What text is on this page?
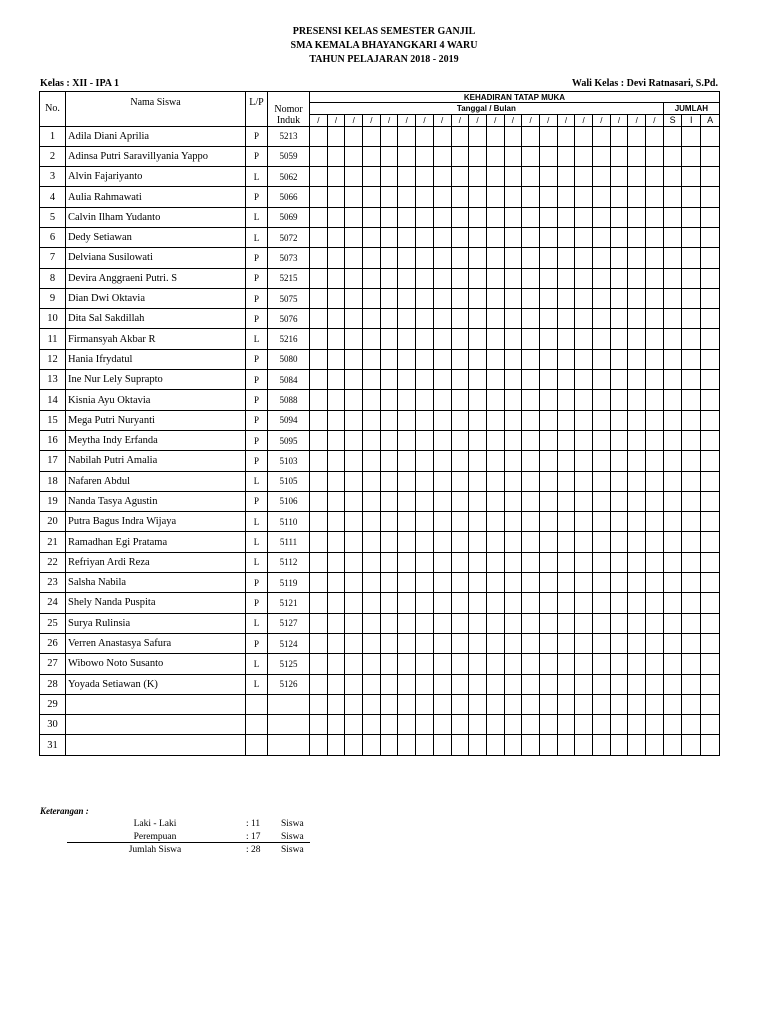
PRESENSI KELAS SEMESTER GANJIL
SMA KEMALA BHAYANGKARI 4 WARU
TAHUN PELAJARAN 2018 - 2019
Kelas : XII - IPA 1	Wali Kelas : Devi Ratnasari, S.Pd.
No.	Nama Siswa	L/P	Nomor	KEHADIRAN TATAP MUKA																						
				Tanggal / Bulan																				JUMLAH		
			Induk	/	/	/	/	/	/	/	/	/	/	/	/	/	/	/	/	/	/	/	/	S	I	A
1	Adila Diani Aprilia	P	5213																							
2	Adinsa Putri Saravillyania Yappo	P	5059																							
3	Alvin Fajariyanto	L	5062																							
4	Aulia Rahmawati	P	5066																							
5	Calvin Ilham Yudanto	L	5069																							
6	Dedy Setiawan	L	5072																							
7	Delviana Susilowati	P	5073																							
8	Devira Anggraeni Putri. S	P	5215																							
9	Dian Dwi Oktavia	P	5075																							
10	Dita Sal Sakdillah	P	5076																							
11	Firmansyah Akbar R	L	5216																							
12	Hania Ifrydatul	P	5080																							
13	Ine Nur Lely Suprapto	P	5084																							
14	Kisnia Ayu Oktavia	P	5088																							
15	Mega Putri Nuryanti	P	5094																							
16	Meytha Indy Erfanda	P	5095																							
17	Nabilah Putri Amalia	P	5103																							
18	Nafaren Abdul	L	5105																							
19	Nanda Tasya Agustin	P	5106																							
20	Putra Bagus Indra Wijaya	L	5110																							
21	Ramadhan Egi Pratama	L	5111																							
22	Refriyan Ardi Reza	L	5112																							
23	Salsha Nabila	P	5119																							
24	Shely Nanda Puspita	P	5121																							
25	Surya Rulinsia	L	5127																							
26	Verren Anastasya Safura	P	5124																							
27	Wibowo Noto Susanto	L	5125																							
28	Yoyada Setiawan (K)	L	5126																							
29																										
30																										
31																										
Keterangan :
Laki - Laki	: 11	Siswa
Perempuan	: 17	Siswa
Jumlah Siswa	: 28	Siswa
